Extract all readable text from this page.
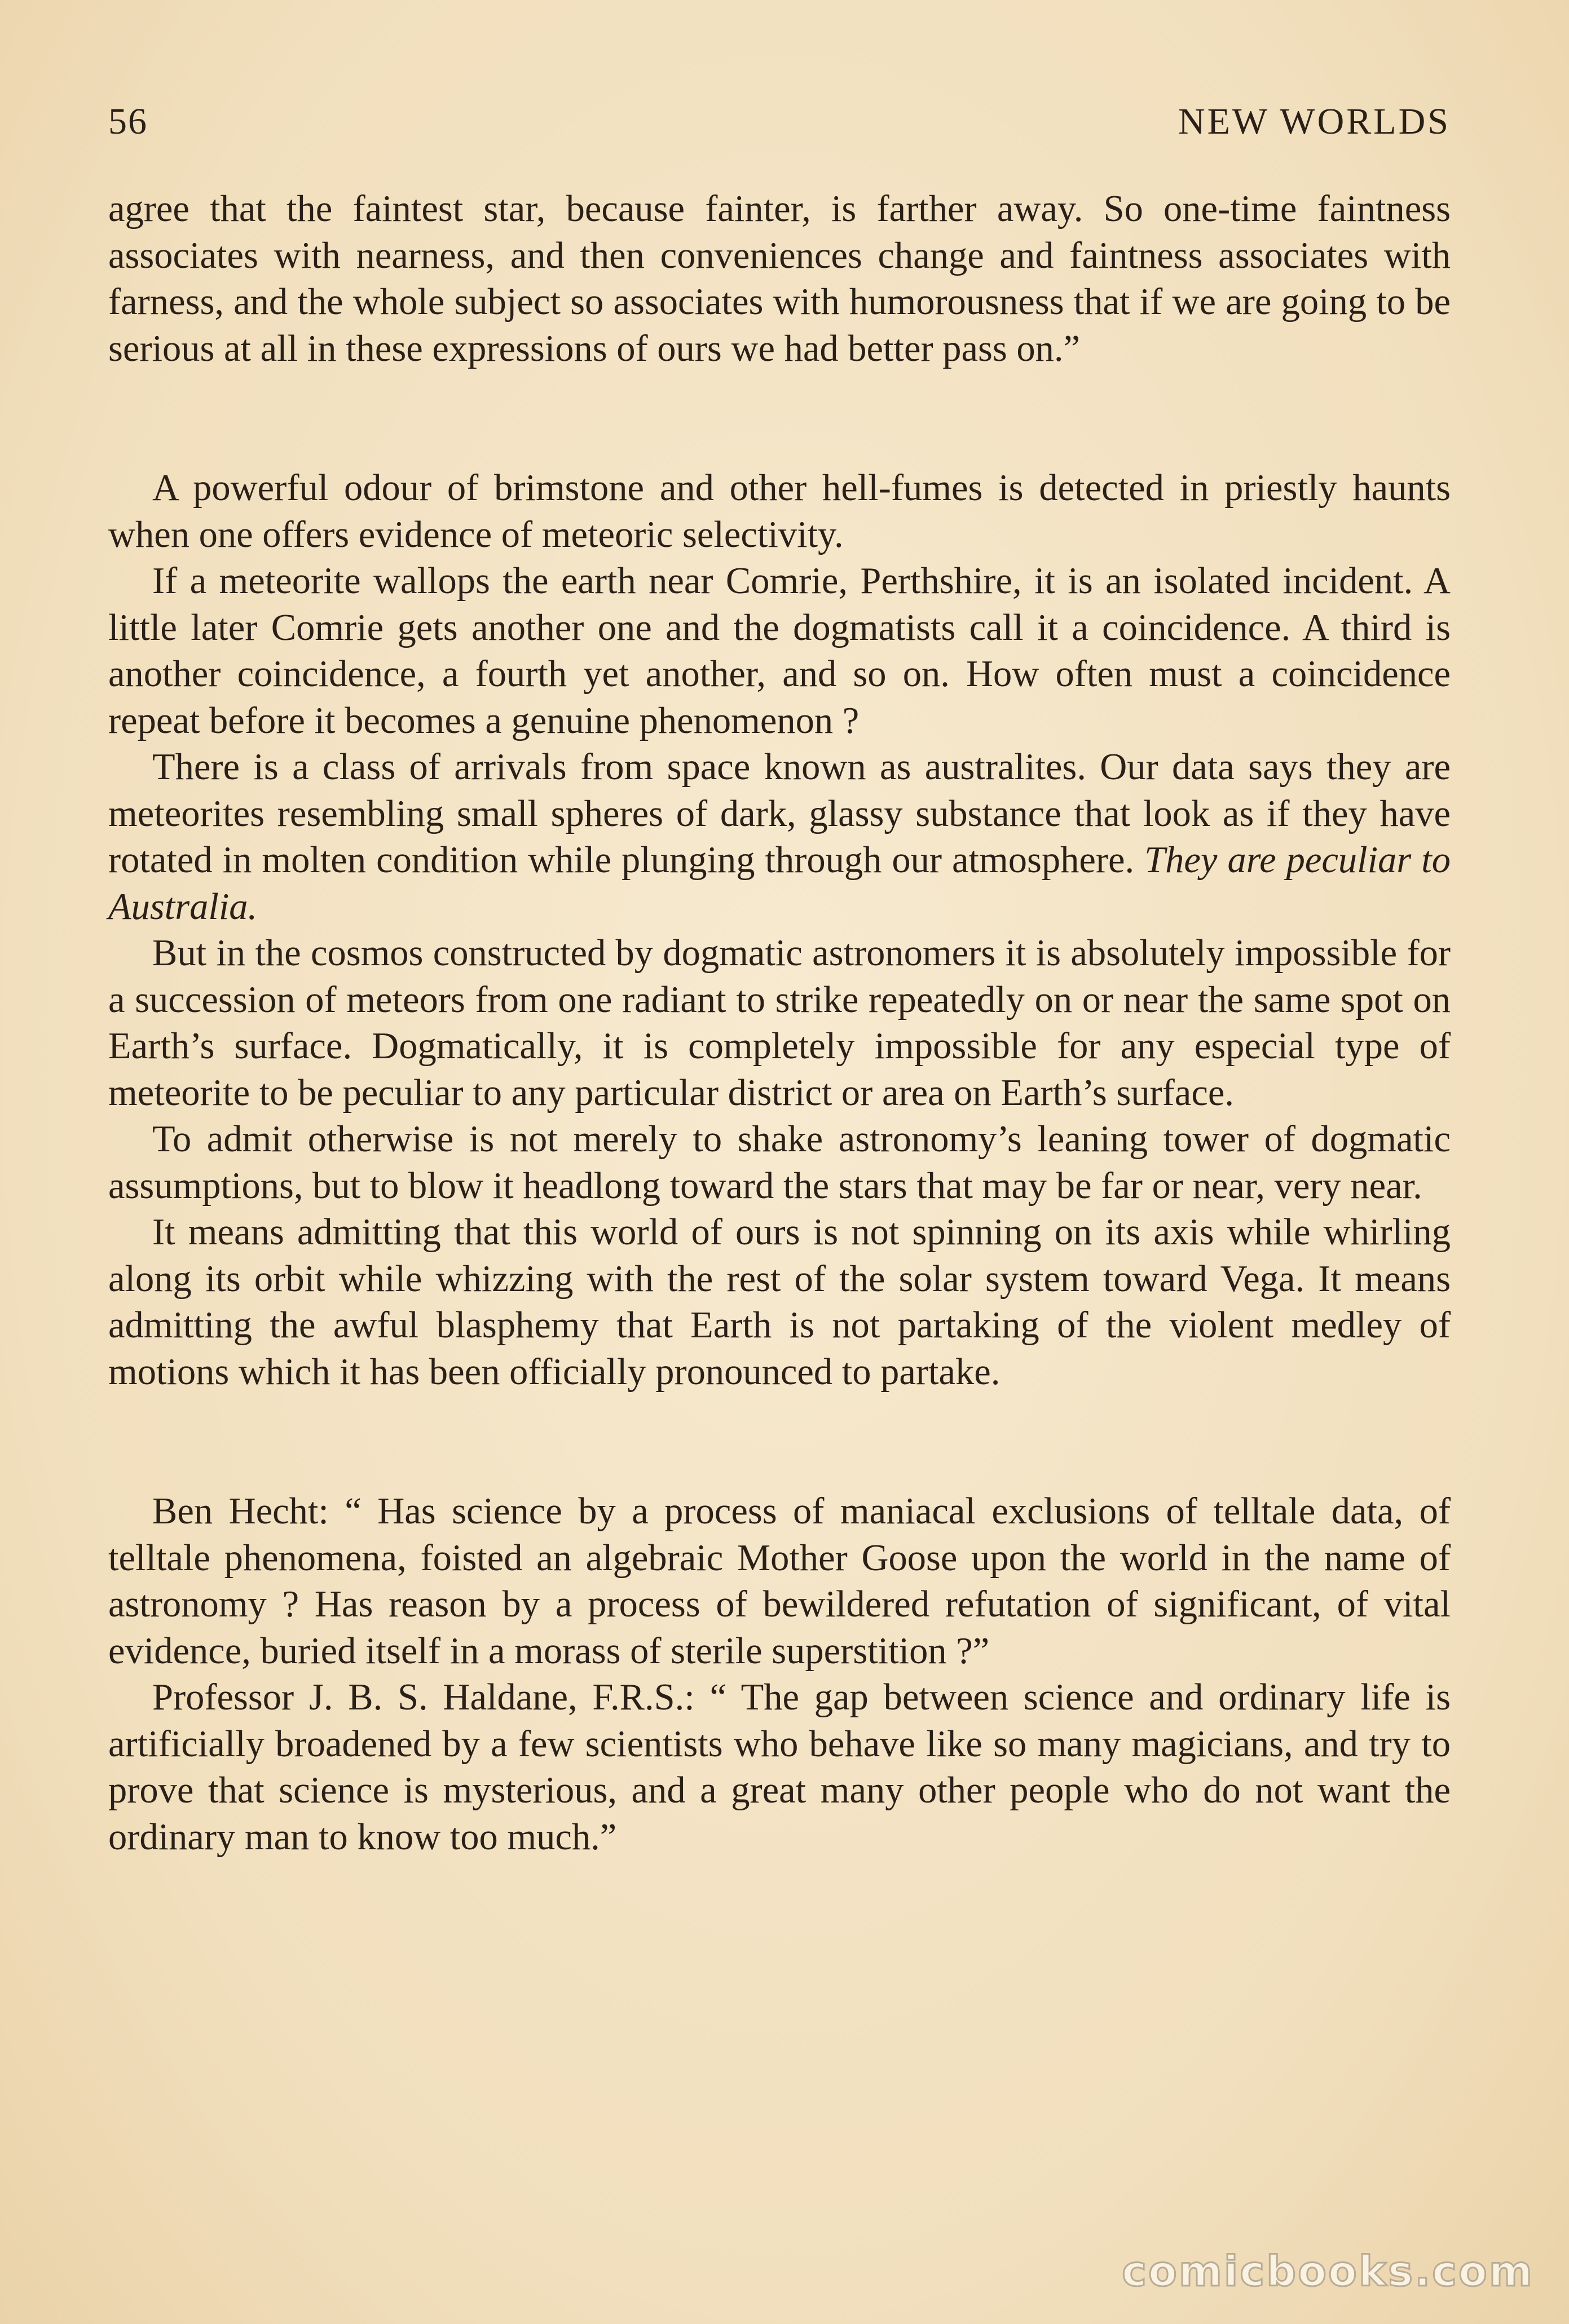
56	NEW WORLDS

agree that the faintest star, because fainter, is farther away. So one-time faintness associates with nearness, and then conveniences change and faintness associates with farness, and the whole subject so associates with humorousness that if we are going to be serious at all in these expressions of ours we had better pass on.”

A powerful odour of brimstone and other hell-fumes is detected in priestly haunts when one offers evidence of meteoric selectivity.

If a meteorite wallops the earth near Comrie, Perthshire, it is an isolated incident. A little later Comrie gets another one and the dogmatists call it a coincidence. A third is another coincidence, a fourth yet another, and so on. How often must a coincidence repeat before it becomes a genuine phenomenon ?

There is a class of arrivals from space known as australites. Our data says they are meteorites resembling small spheres of dark, glassy substance that look as if they have rotated in molten condition while plunging through our atmosphere. They are peculiar to Australia.

But in the cosmos constructed by dogmatic astronomers it is absolutely impossible for a succession of meteors from one radiant to strike repeatedly on or near the same spot on Earth’s surface. Dogmatically, it is completely impossible for any especial type of meteorite to be peculiar to any particular district or area on Earth’s surface.

To admit otherwise is not merely to shake astronomy’s leaning tower of dogmatic assumptions, but to blow it headlong toward the stars that may be far or near, very near.

It means admitting that this world of ours is not spinning on its axis while whirling along its orbit while whizzing with the rest of the solar system toward Vega. It means admitting the awful blasphemy that Earth is not partaking of the violent medley of motions which it has been officially pronounced to partake.

Ben Hecht: “ Has science by a process of maniacal exclusions of telltale data, of telltale phenomena, foisted an algebraic Mother Goose upon the world in the name of astronomy ? Has reason by a process of bewildered refutation of significant, of vital evidence, buried itself in a morass of sterile superstition ?”

Professor J. B. S. Haldane, F.R.S.: “ The gap between science and ordinary life is artificially broadened by a few scientists who behave like so many magicians, and try to prove that science is mysterious, and a great many other people who do not want the ordinary man to know too much.”

comicbooks.com
